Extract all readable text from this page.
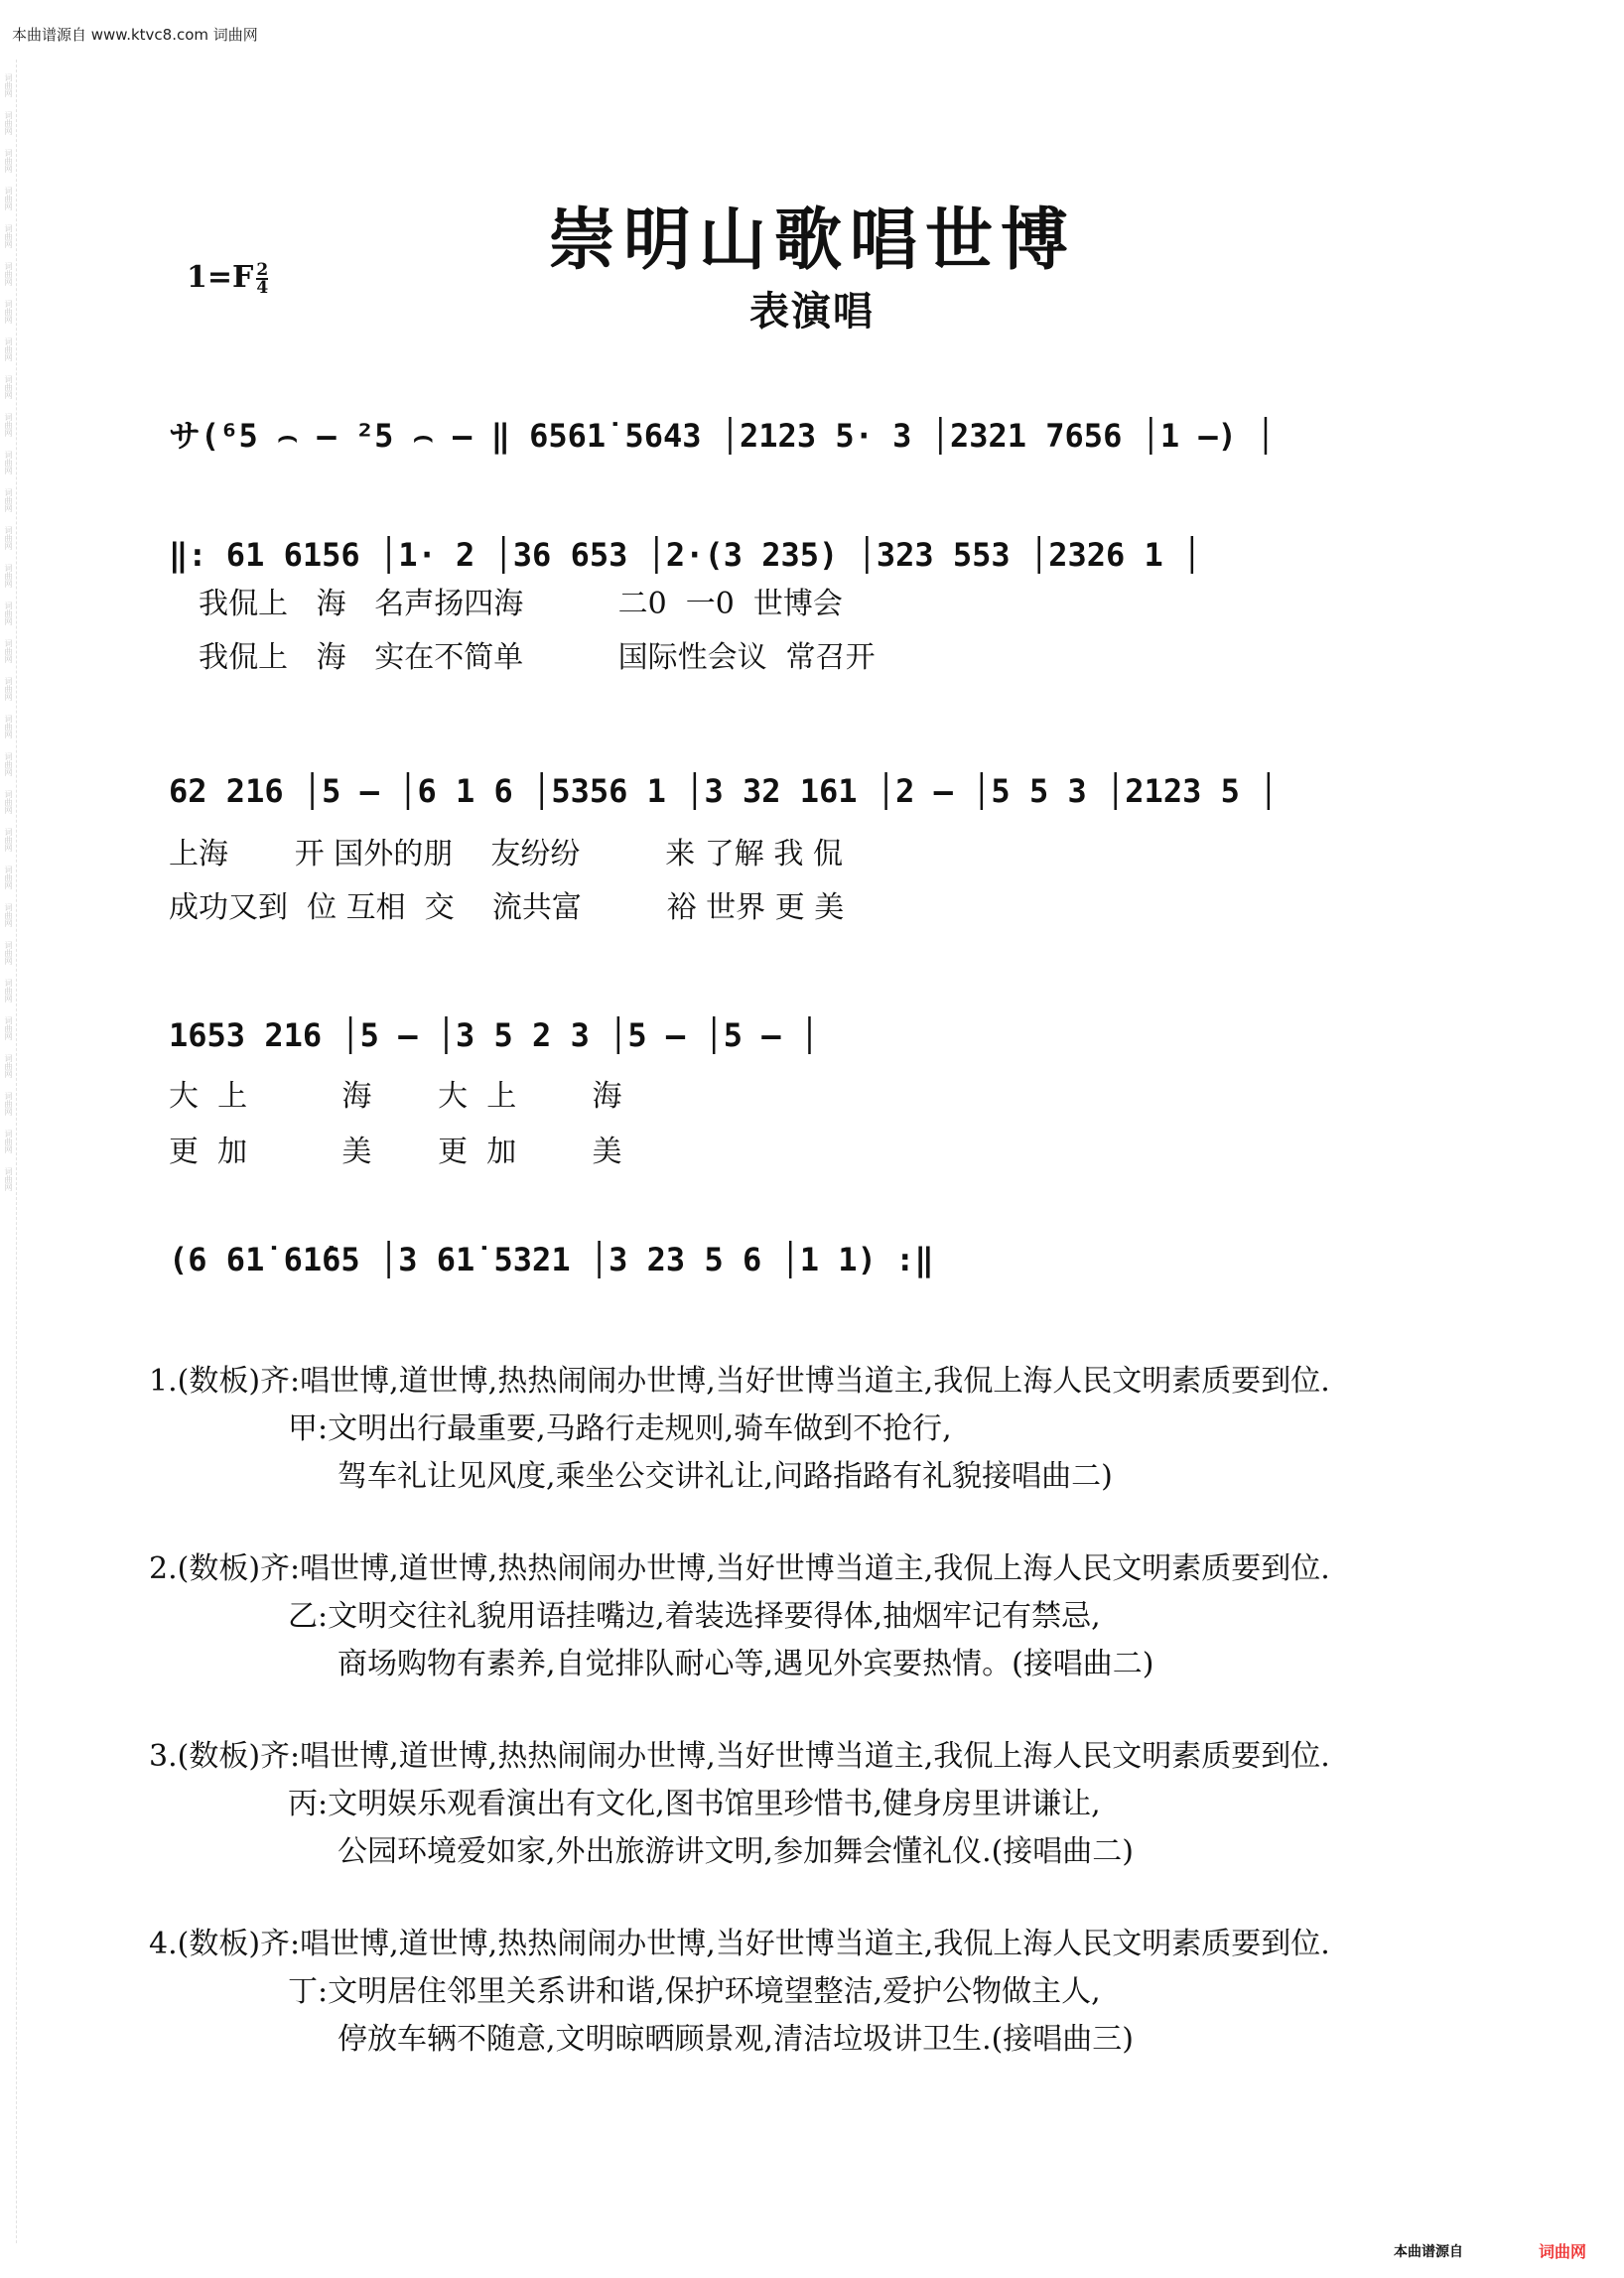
本曲谱源自 www.ktvc8.com 词曲网
词曲网
词曲网
词曲网
词曲网
词曲网
词曲网
词曲网
词曲网
词曲网
词曲网
词曲网
词曲网
词曲网
词曲网
词曲网
词曲网
词曲网
词曲网
词曲网
词曲网
词曲网
词曲网
词曲网
词曲网
词曲网
词曲网
词曲网
词曲网
词曲网
词曲网
崇明山歌唱世博
表演唱
$1=F \frac{2}{4}$
サ(⁶5 ⌢ – ²5 ⌢ – ‖ 6561̇ 5643 │2123 5· 3 │2321 7656 │1 –) │
‖: 61 6156 │1· 2 │36 653 │2·(3 235) │323 553 │2326 1 │
我侃上   海   名声扬四海          二0  一0  世博会
我侃上   海   实在不简单          国际性会议  常召开
62 216 │5 – │6 1 6 │5356 1 │3 32 161 │2 – │5 5 3 │2123 5 │
上海       开 国外的朋    友纷纷         来 了解 我 侃
成功又到  位 互相  交    流共富         裕 世界 更 美
1653 216 │5 – │3 5 2 3 │5 – │5 – │
大  上          海       大  上        海
更  加          美       更  加        美
(6 61̇ 61̇65 │3 61̇ 5321 │3 23 5 6 │1 1) :‖
1.(数板)齐:唱世博,道世博,热热闹闹办世博,当好世博当道主,我侃上海人民文明素质要到位.
甲:文明出行最重要,马路行走规则,骑车做到不抢行,
驾车礼让见风度,乘坐公交讲礼让,问路指路有礼貌接唱曲二)
2.(数板)齐:唱世博,道世博,热热闹闹办世博,当好世博当道主,我侃上海人民文明素质要到位.
乙:文明交往礼貌用语挂嘴边,着装选择要得体,抽烟牢记有禁忌,
商场购物有素养,自觉排队耐心等,遇见外宾要热情。(接唱曲二)
3.(数板)齐:唱世博,道世博,热热闹闹办世博,当好世博当道主,我侃上海人民文明素质要到位.
丙:文明娱乐观看演出有文化,图书馆里珍惜书,健身房里讲谦让,
公园环境爱如家,外出旅游讲文明,参加舞会懂礼仪.(接唱曲二)
4.(数板)齐:唱世博,道世博,热热闹闹办世博,当好世博当道主,我侃上海人民文明素质要到位.
丁:文明居住邻里关系讲和谐,保护环境望整洁,爱护公物做主人,
停放车辆不随意,文明晾晒顾景观,清洁垃圾讲卫生.(接唱曲三)
本曲谱源自	词曲网
